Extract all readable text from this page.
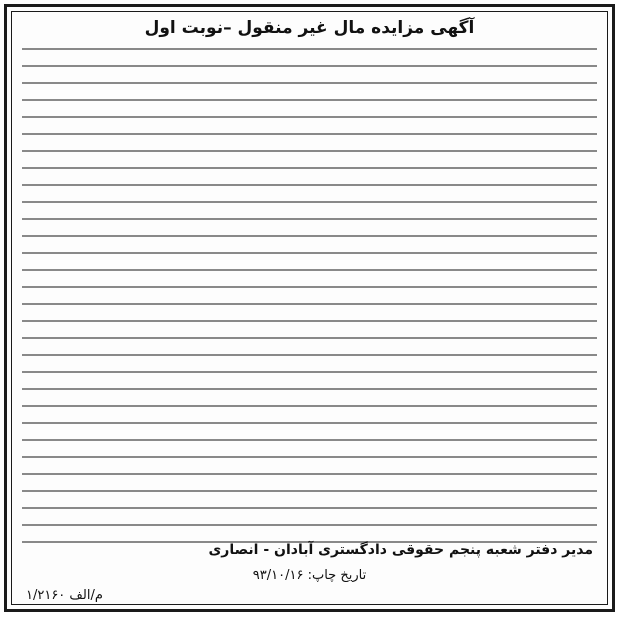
آگهی مزایده مال غیر منقول –نوبت اول
مدیر دفتر شعبه پنجم حقوقی دادگستری آبادان - انصاری
تاریخ چاپ: ۹۳/۱۰/۱۶
م/الف ۱/۲۱۶۰
